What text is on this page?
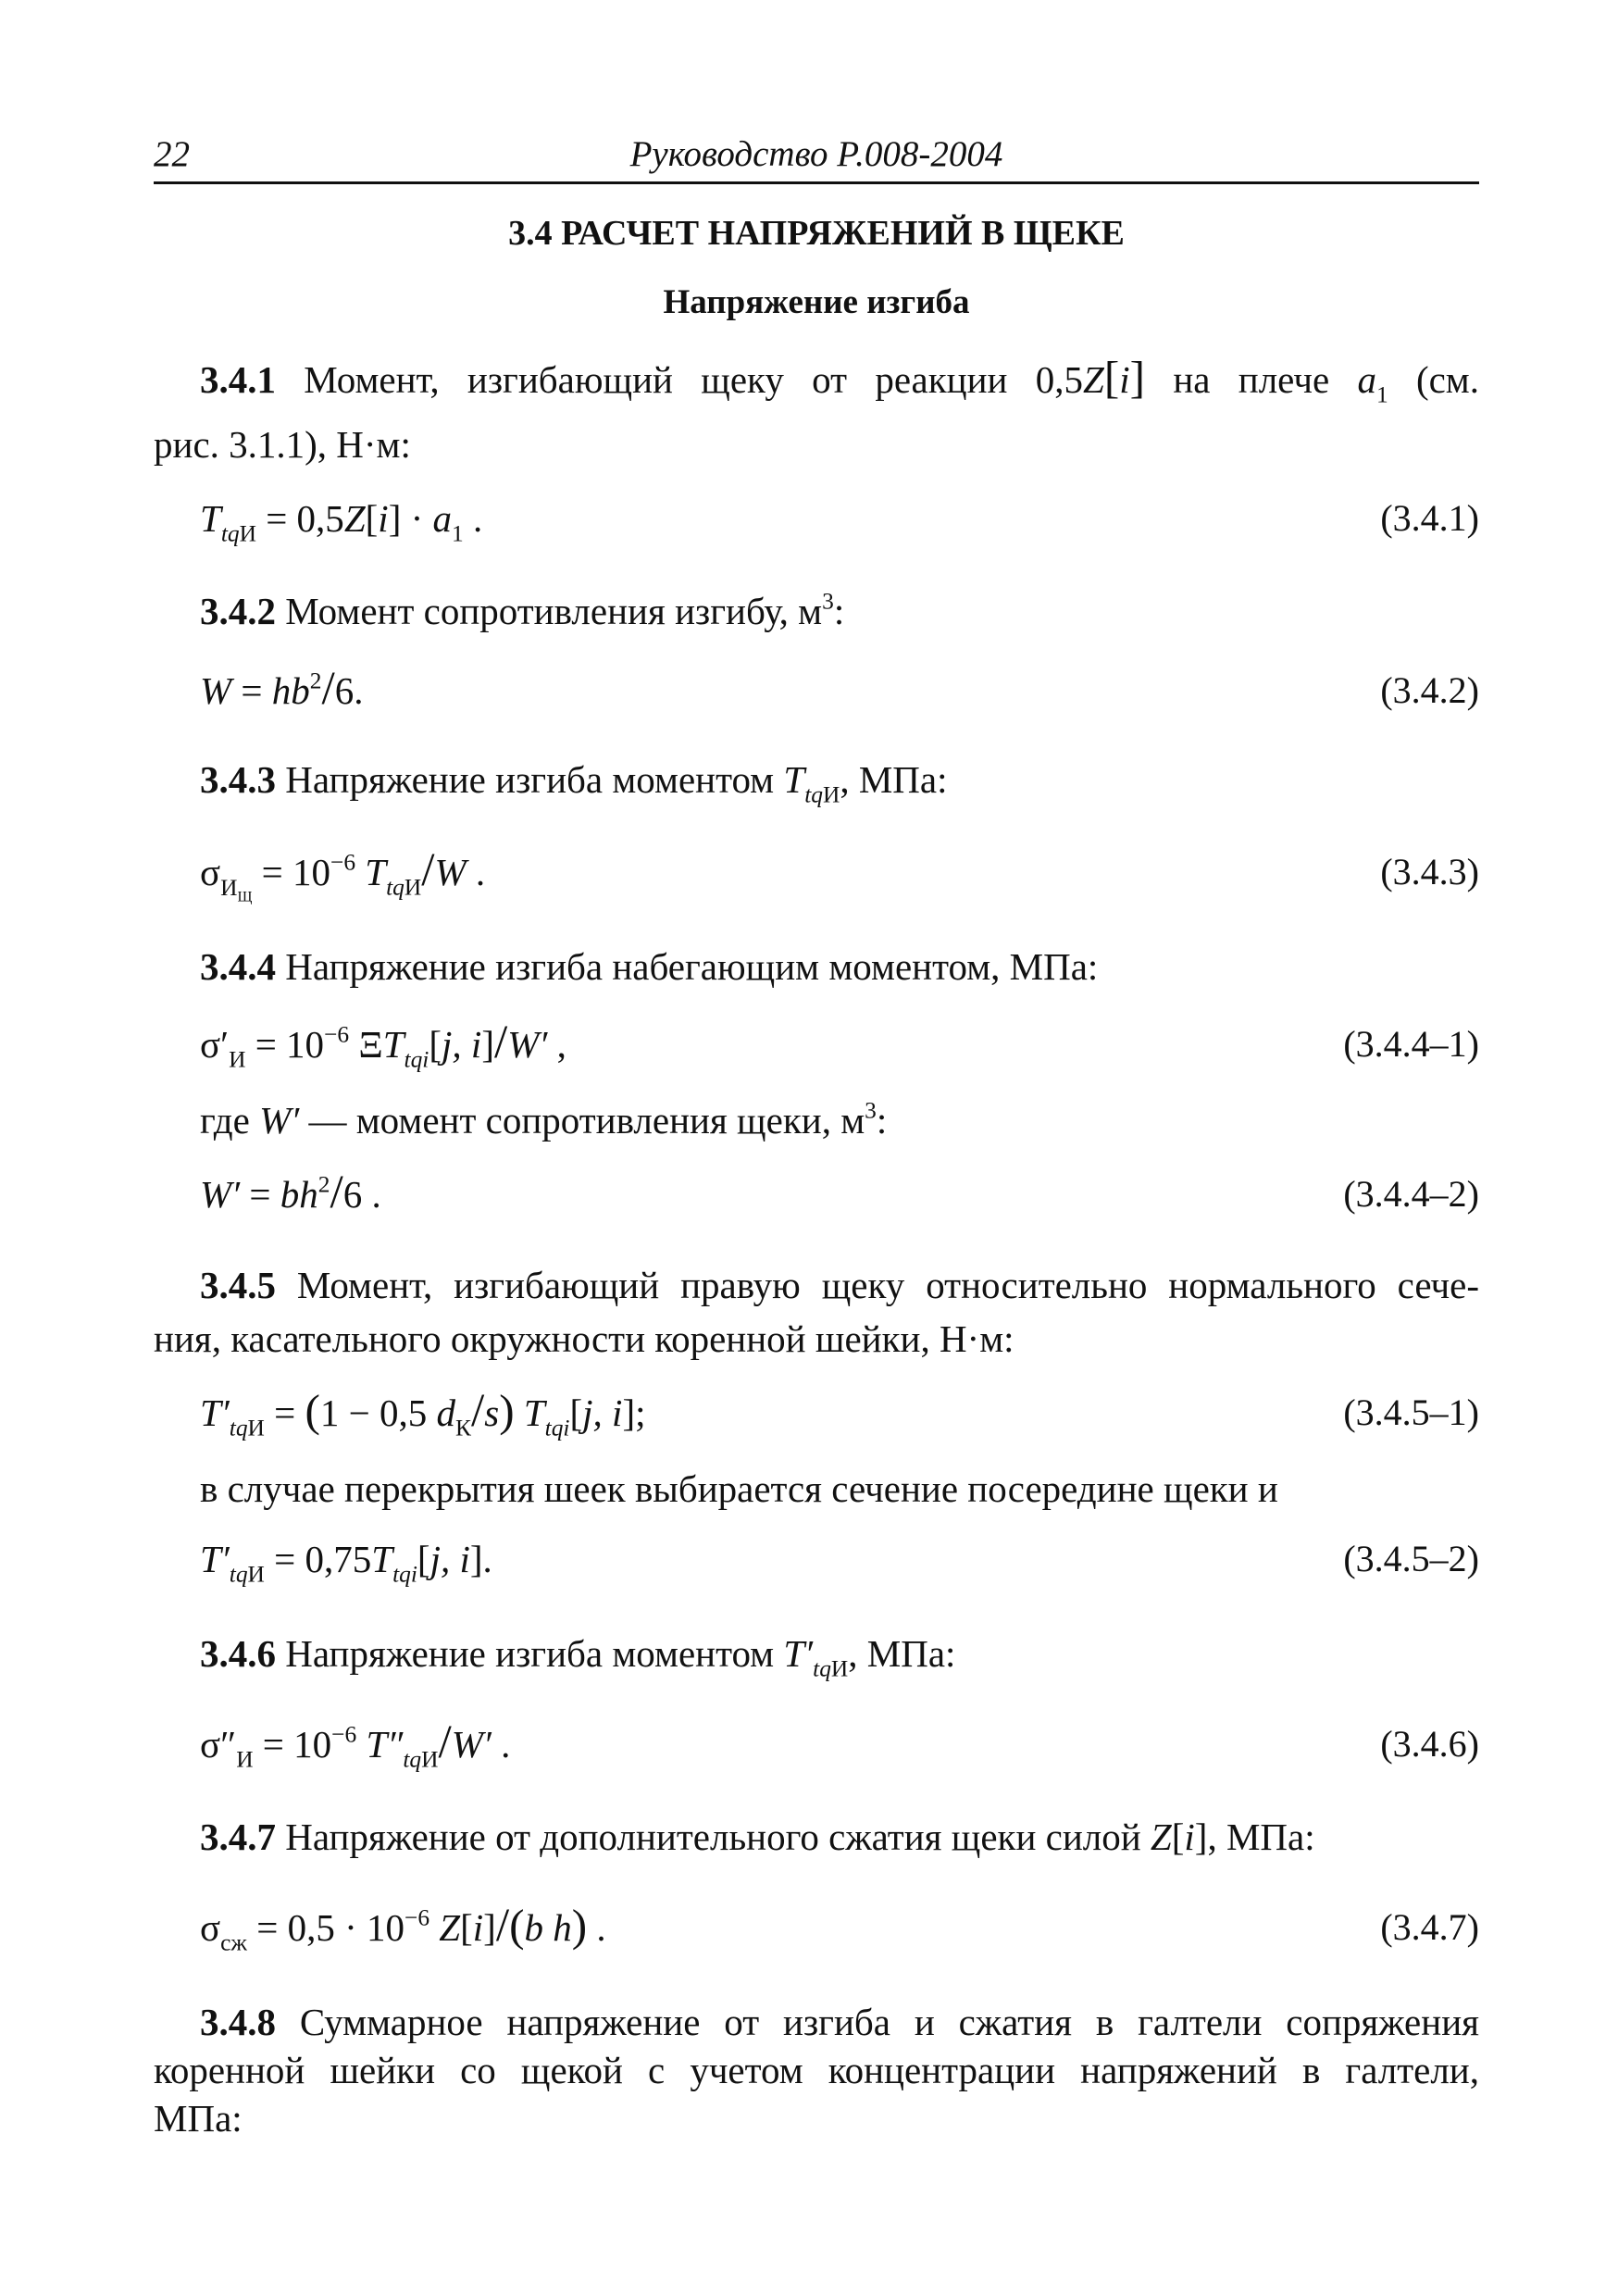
22	Руководство Р.008-2004
3.4 РАСЧЕТ НАПРЯЖЕНИЙ В ЩЕКЕ
Напряжение изгиба
3.4.1 Момент, изгибающий щеку от реакции 0,5Z[i] на плече $a_1$ (см.
рис. 3.1.1), Н·м:
$T_{tqИ} = 0,5Z[i] \cdot a_1$ .	(3.4.1)
3.4.2 Момент сопротивления изгибу, $м^3$:
$W = hb^2/6$.	(3.4.2)
3.4.3 Напряжение изгиба моментом $T_{tqИ}$, МПа:
$\sigma_{И_Щ} = 10^{-6}$ $T_{tqИ}/W$ .	(3.4.3)
3.4.4 Напряжение изгиба набегающим моментом, МПа:
$\sigma'_И = 10^{-6}$ $\Xi T_{tqi}[j$, i]/W′ ,	(3.4.4–1)
где W′ — момент сопротивления щеки, $м^3$:
$W' = bh^2/6$ .	(3.4.4–2)
3.4.5 Момент, изгибающий правую щеку относительно нормального сече-
ния, касательного окружности коренной шейки, Н·м:
$T'_{tqИ} = (1 - 0,5$ $d_К/s$) $T_{tqi}[j$, i];	(3.4.5–1)
в случае перекрытия шеек выбирается сечение посередине щеки и
$T'_{tqИ} = 0,75T_{tqi}[j$, i].	(3.4.5–2)
3.4.6 Напряжение изгиба моментом $T'_{tqИ}$, МПа:
$\sigma''_И = 10^{-6}$ $T''_{tqИ}/W'$ .	(3.4.6)
3.4.7 Напряжение от дополнительного сжатия щеки силой Z[i], МПа:
$\sigma_{сж} = 0,5 \cdot 10^{-6}$ Z[i]/(b h) .	(3.4.7)
3.4.8 Суммарное напряжение от изгиба и сжатия в галтели сопряжения
коренной шейки со щекой с учетом концентрации напряжений в галтели,
МПа:
